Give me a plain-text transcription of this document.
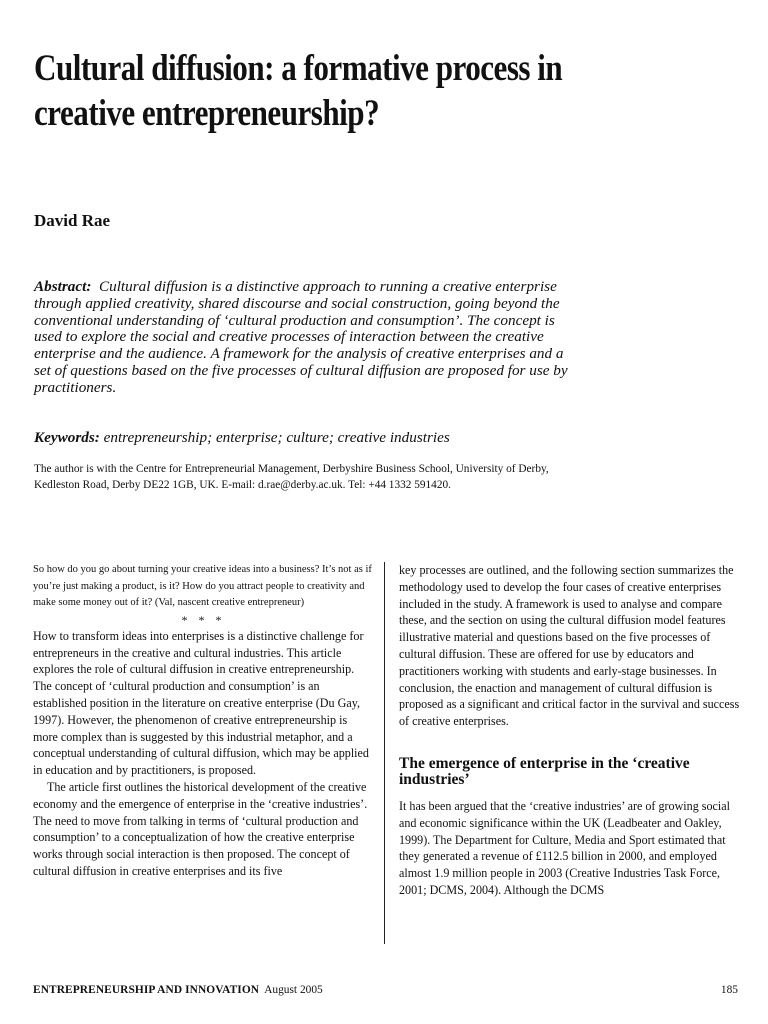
Cultural diffusion: a formative process in creative entrepreneurship?

David Rae

Abstract: Cultural diffusion is a distinctive approach to running a creative enterprise through applied creativity, shared discourse and social construction, going beyond the conventional understanding of ‘cultural production and consumption’. The concept is used to explore the social and creative processes of interaction between the creative enterprise and the audience. A framework for the analysis of creative enterprises and a set of questions based on the five processes of cultural diffusion are proposed for use by practitioners.

Keywords: entrepreneurship; enterprise; culture; creative industries

The author is with the Centre for Entrepreneurial Management, Derbyshire Business School, University of Derby, Kedleston Road, Derby DE22 1GB, UK. E-mail: d.rae@derby.ac.uk. Tel: +44 1332 591420.

So how do you go about turning your creative ideas into a business? It’s not as if you’re just making a product, is it? How do you attract people to creativity and make some money out of it? (Val, nascent creative entrepreneur)

* * *

How to transform ideas into enterprises is a distinctive challenge for entrepreneurs in the creative and cultural industries. This article explores the role of cultural diffusion in creative entrepreneurship. The concept of ‘cultural production and consumption’ is an established position in the literature on creative enterprise (Du Gay, 1997). However, the phenomenon of creative entrepreneurship is more complex than is suggested by this industrial metaphor, and a conceptual understanding of cultural diffusion, which may be applied in education and by practitioners, is proposed.

The article first outlines the historical development of the creative economy and the emergence of enterprise in the ‘creative industries’. The need to move from talking in terms of ‘cultural production and consumption’ to a conceptualization of how the creative enterprise works through social interaction is then proposed. The concept of cultural diffusion in creative enterprises and its five

key processes are outlined, and the following section summarizes the methodology used to develop the four cases of creative enterprises included in the study. A framework is used to analyse and compare these, and the section on using the cultural diffusion model features illustrative material and questions based on the five processes of cultural diffusion. These are offered for use by educators and practitioners working with students and early-stage businesses. In conclusion, the enaction and management of cultural diffusion is proposed as a significant and critical factor in the survival and success of creative enterprises.

The emergence of enterprise in the ‘creative industries’

It has been argued that the ‘creative industries’ are of growing social and economic significance within the UK (Leadbeater and Oakley, 1999). The Department for Culture, Media and Sport estimated that they generated a revenue of £112.5 billion in 2000, and employed almost 1.9 million people in 2003 (Creative Industries Task Force, 2001; DCMS, 2004). Although the DCMS

ENTREPRENEURSHIP AND INNOVATION August 2005	185
